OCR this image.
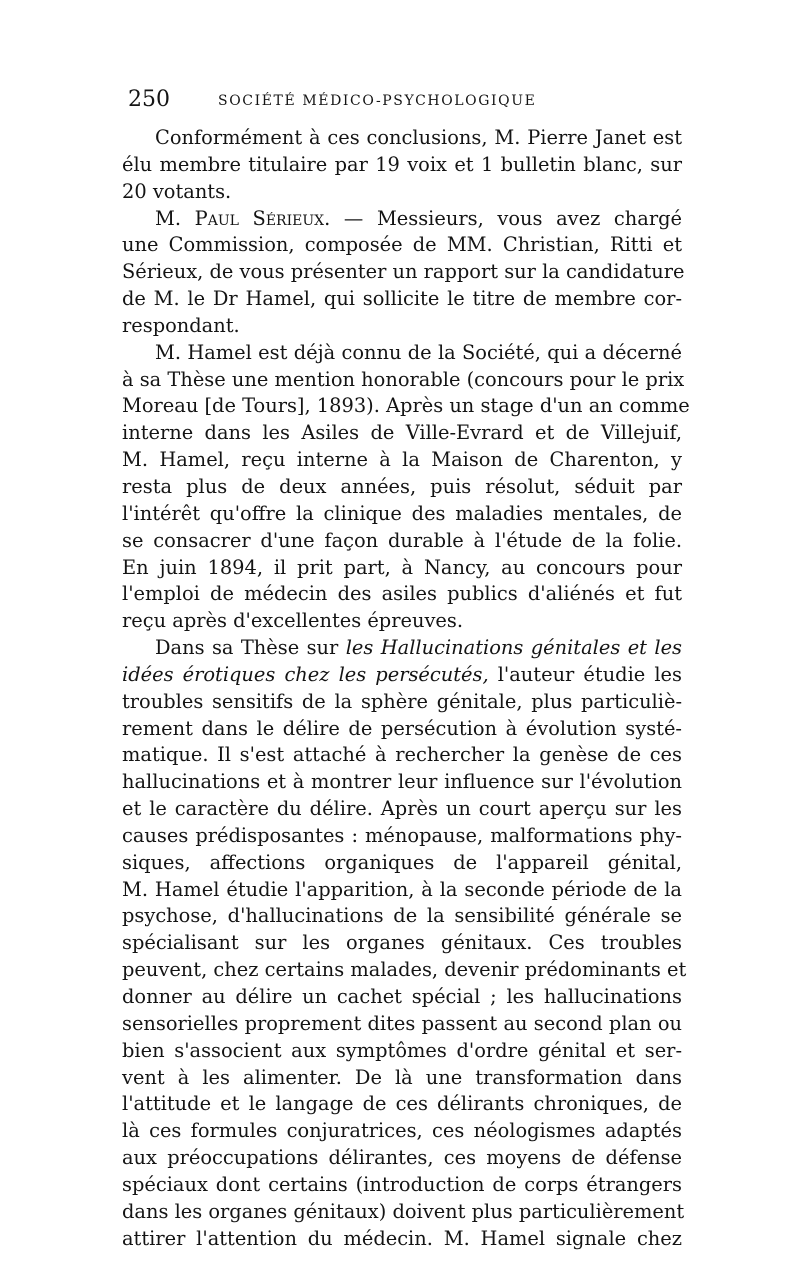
250	SOCIÉTÉ MÉDICO-PSYCHOLOGIQUE
Conformément à ces conclusions, M. Pierre Janet est
élu membre titulaire par 19 voix et 1 bulletin blanc, sur
20 votants.
M. Paul Sérieux. — Messieurs, vous avez chargé
une Commission, composée de MM. Christian, Ritti et
Sérieux, de vous présenter un rapport sur la candidature
de M. le Dr Hamel, qui sollicite le titre de membre cor-
respondant.
M. Hamel est déjà connu de la Société, qui a décerné
à sa Thèse une mention honorable (concours pour le prix
Moreau [de Tours], 1893). Après un stage d'un an comme
interne dans les Asiles de Ville-Evrard et de Villejuif,
M. Hamel, reçu interne à la Maison de Charenton, y
resta plus de deux années, puis résolut, séduit par
l'intérêt qu'offre la clinique des maladies mentales, de
se consacrer d'une façon durable à l'étude de la folie.
En juin 1894, il prit part, à Nancy, au concours pour
l'emploi de médecin des asiles publics d'aliénés et fut
reçu après d'excellentes épreuves.
Dans sa Thèse sur les Hallucinations génitales et les
idées érotiques chez les persécutés, l'auteur étudie les
troubles sensitifs de la sphère génitale, plus particuliè-
rement dans le délire de persécution à évolution systé-
matique. Il s'est attaché à rechercher la genèse de ces
hallucinations et à montrer leur influence sur l'évolution
et le caractère du délire. Après un court aperçu sur les
causes prédisposantes : ménopause, malformations phy-
siques, affections organiques de l'appareil génital,
M. Hamel étudie l'apparition, à la seconde période de la
psychose, d'hallucinations de la sensibilité générale se
spécialisant sur les organes génitaux. Ces troubles
peuvent, chez certains malades, devenir prédominants et
donner au délire un cachet spécial ; les hallucinations
sensorielles proprement dites passent au second plan ou
bien s'associent aux symptômes d'ordre génital et ser-
vent à les alimenter. De là une transformation dans
l'attitude et le langage de ces délirants chroniques, de
là ces formules conjuratrices, ces néologismes adaptés
aux préoccupations délirantes, ces moyens de défense
spéciaux dont certains (introduction de corps étrangers
dans les organes génitaux) doivent plus particulièrement
attirer l'attention du médecin. M. Hamel signale chez
